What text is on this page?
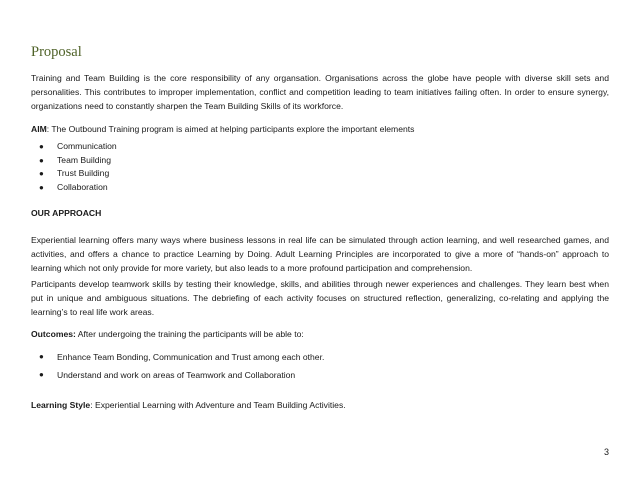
Proposal

Training and Team Building is the core responsibility of any organsation. Organisations across the globe have people with diverse skill sets and personalities. This contributes to improper implementation, conflict and competition leading to team initiatives failing often. In order to ensure synergy, organizations need to constantly sharpen the Team Building Skills of its workforce.

AIM: The Outbound Training program is aimed at helping participants explore the important elements

● Communication
● Team Building
● Trust Building
● Collaboration

OUR APPROACH

Experiential learning offers many ways where business lessons in real life can be simulated through action learning, and well researched games, and activities, and offers a chance to practice Learning by Doing. Adult Learning Principles are incorporated to give a more of “hands-on” approach to learning which not only provide for more variety, but also leads to a more profound participation and comprehension.

Participants develop teamwork skills by testing their knowledge, skills, and abilities through newer experiences and challenges. They learn best when put in unique and ambiguous situations. The debriefing of each activity focuses on structured reflection, generalizing, co-relating and applying the learning’s to real life work areas.

Outcomes: After undergoing the training the participants will be able to:

● Enhance Team Bonding, Communication and Trust among each other.
● Understand and work on areas of Teamwork and Collaboration

Learning Style: Experiential Learning with Adventure and Team Building Activities.

3
